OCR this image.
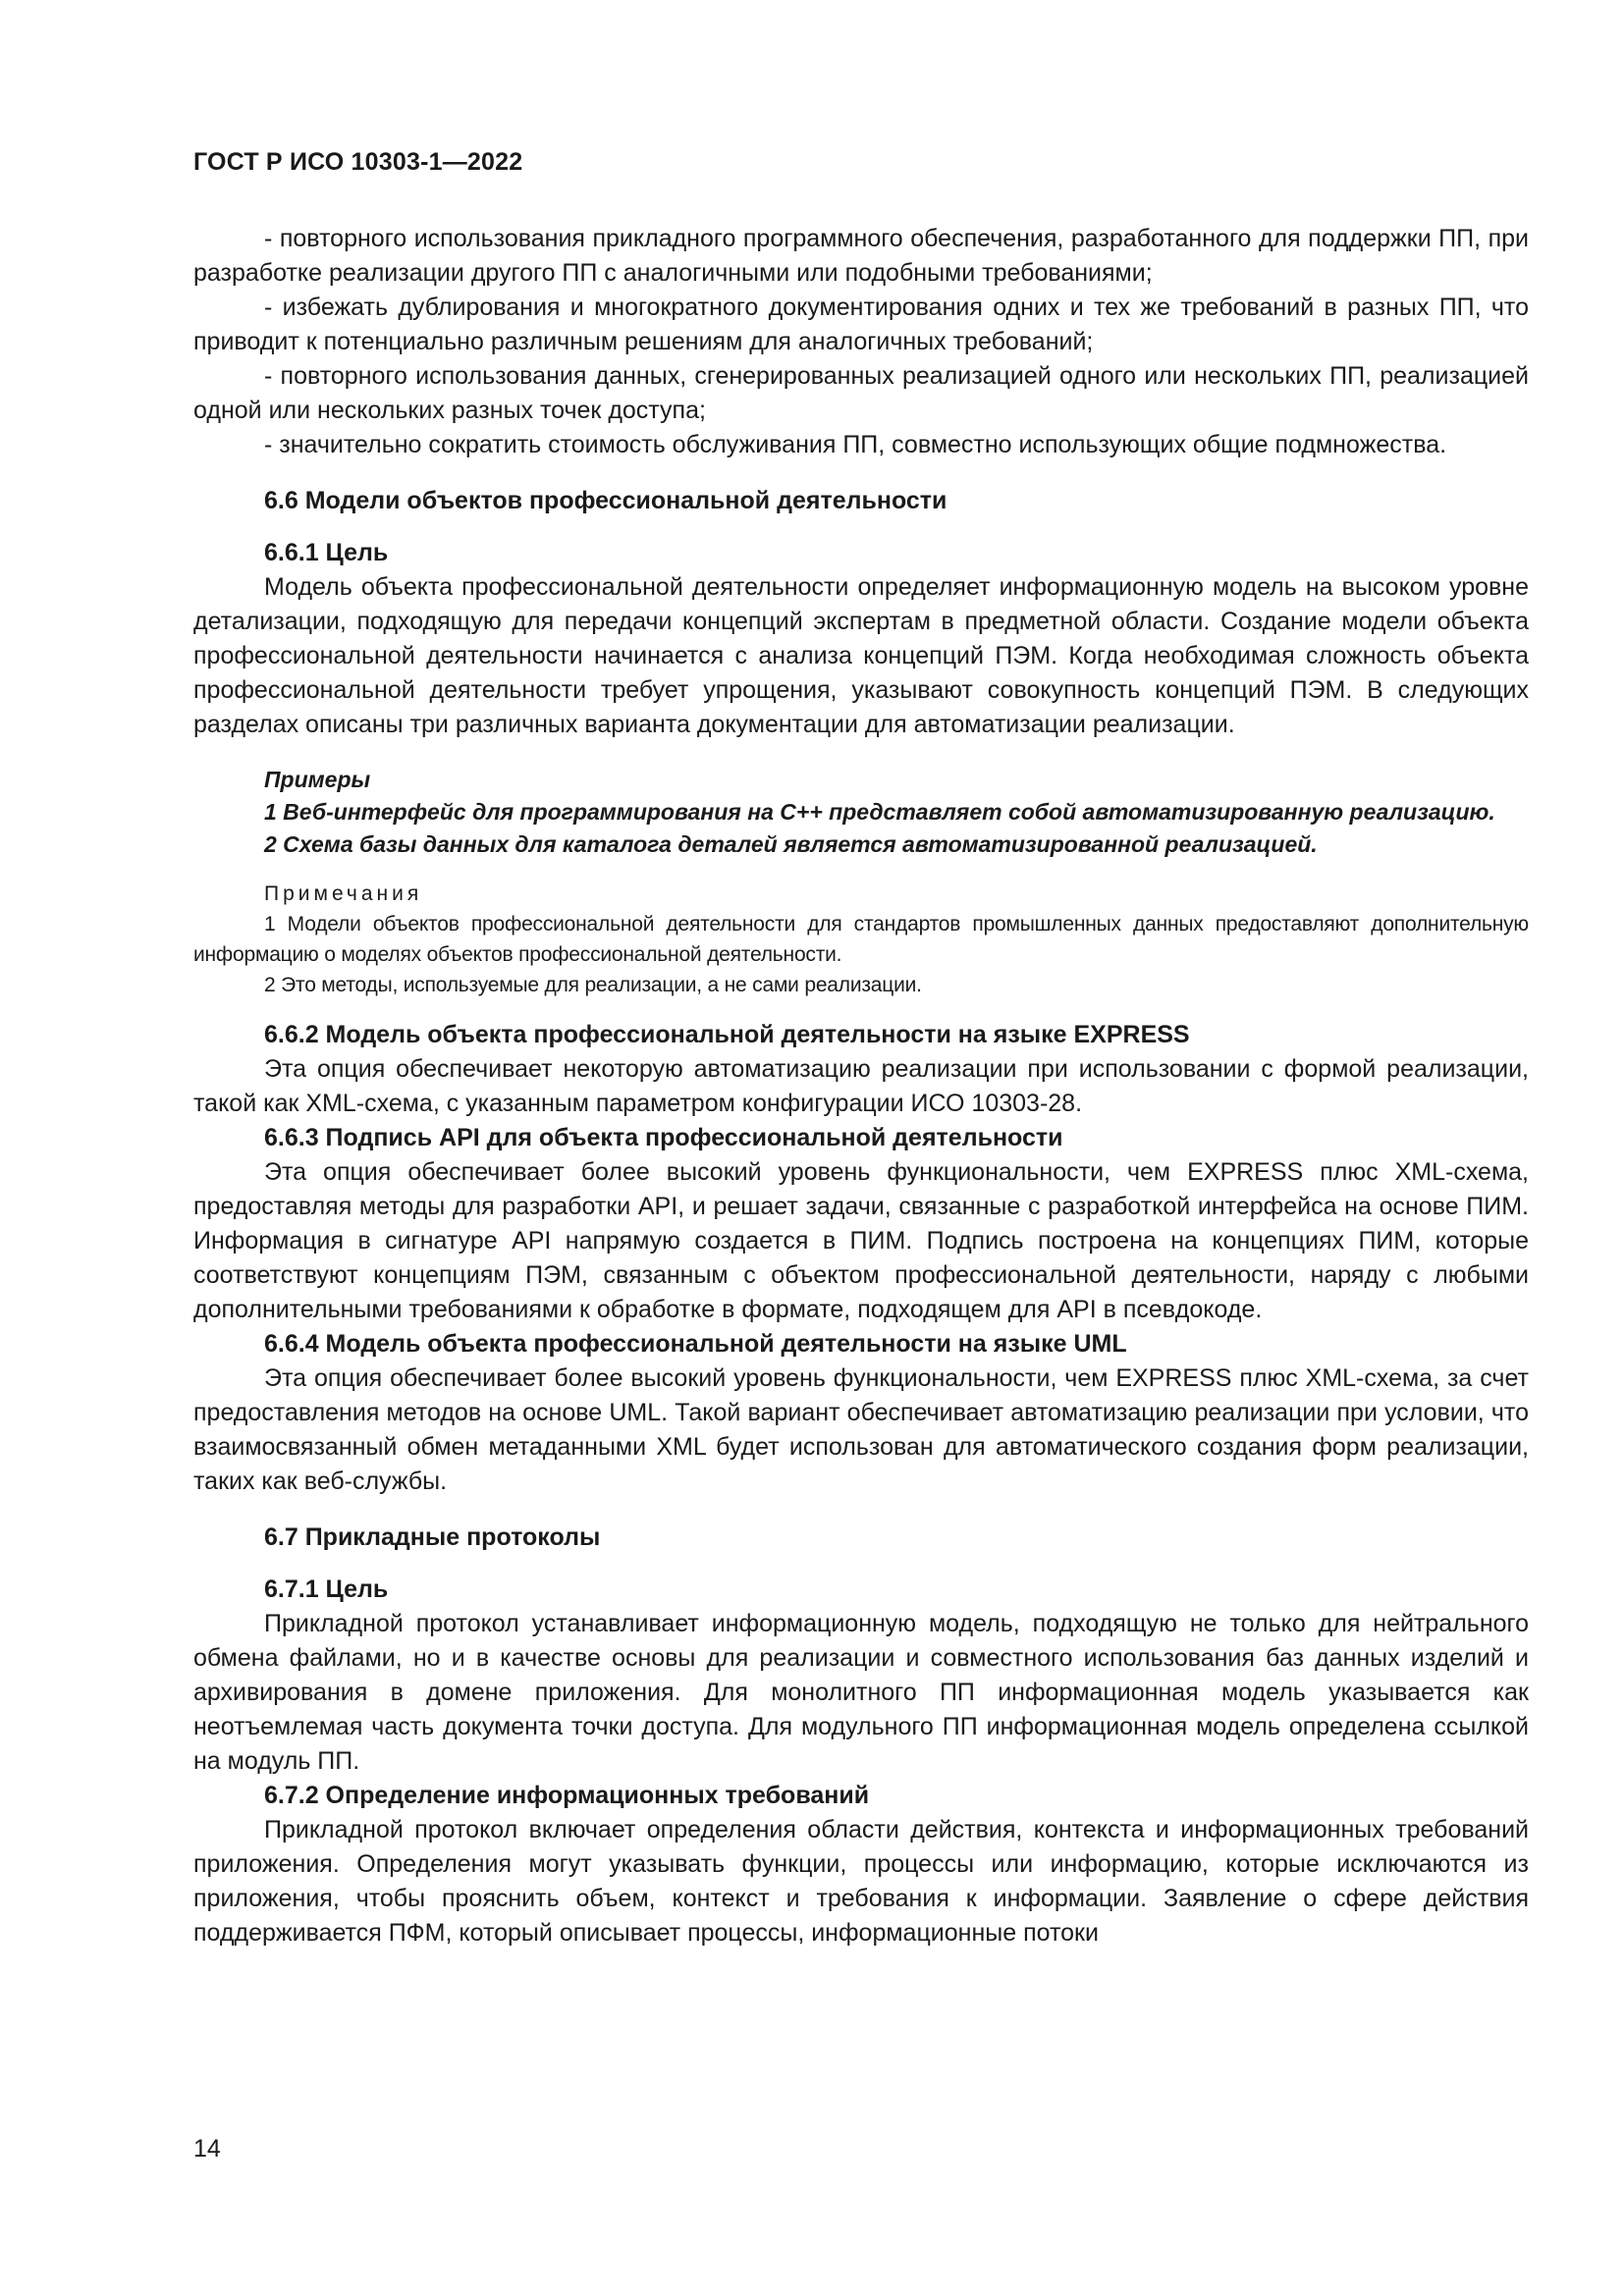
ГОСТ Р ИСО 10303-1—2022

- повторного использования прикладного программного обеспечения, разработанного для поддержки ПП, при разработке реализации другого ПП с аналогичными или подобными требованиями;

- избежать дублирования и многократного документирования одних и тех же требований в разных ПП, что приводит к потенциально различным решениям для аналогичных требований;

- повторного использования данных, сгенерированных реализацией одного или нескольких ПП, реализацией одной или нескольких разных точек доступа;

- значительно сократить стоимость обслуживания ПП, совместно использующих общие подмножества.

6.6 Модели объектов профессиональной деятельности

6.6.1 Цель

Модель объекта профессиональной деятельности определяет информационную модель на высоком уровне детализации, подходящую для передачи концепций экспертам в предметной области. Создание модели объекта профессиональной деятельности начинается с анализа концепций ПЭМ. Когда необходимая сложность объекта профессиональной деятельности требует упрощения, указывают совокупность концепций ПЭМ. В следующих разделах описаны три различных варианта документации для автоматизации реализации.

Примеры

1 Веб-интерфейс для программирования на С++ представляет собой автоматизированную реализацию.

2 Схема базы данных для каталога деталей является автоматизированной реализацией.

Примечания

1 Модели объектов профессиональной деятельности для стандартов промышленных данных предоставляют дополнительную информацию о моделях объектов профессиональной деятельности.

2 Это методы, используемые для реализации, а не сами реализации.

6.6.2 Модель объекта профессиональной деятельности на языке EXPRESS

Эта опция обеспечивает некоторую автоматизацию реализации при использовании с формой реализации, такой как XML-схема, с указанным параметром конфигурации ИСО 10303-28.

6.6.3 Подпись API для объекта профессиональной деятельности

Эта опция обеспечивает более высокий уровень функциональности, чем EXPRESS плюс XML-схема, предоставляя методы для разработки API, и решает задачи, связанные с разработкой интерфейса на основе ПИМ. Информация в сигнатуре API напрямую создается в ПИМ. Подпись построена на концепциях ПИМ, которые соответствуют концепциям ПЭМ, связанным с объектом профессиональной деятельности, наряду с любыми дополнительными требованиями к обработке в формате, подходящем для API в псевдокоде.

6.6.4 Модель объекта профессиональной деятельности на языке UML

Эта опция обеспечивает более высокий уровень функциональности, чем EXPRESS плюс XML-схема, за счет предоставления методов на основе UML. Такой вариант обеспечивает автоматизацию реализации при условии, что взаимосвязанный обмен метаданными XML будет использован для автоматического создания форм реализации, таких как веб-службы.

6.7 Прикладные протоколы

6.7.1 Цель

Прикладной протокол устанавливает информационную модель, подходящую не только для нейтрального обмена файлами, но и в качестве основы для реализации и совместного использования баз данных изделий и архивирования в домене приложения. Для монолитного ПП информационная модель указывается как неотъемлемая часть документа точки доступа. Для модульного ПП информационная модель определена ссылкой на модуль ПП.

6.7.2 Определение информационных требований

Прикладной протокол включает определения области действия, контекста и информационных требований приложения. Определения могут указывать функции, процессы или информацию, которые исключаются из приложения, чтобы прояснить объем, контекст и требования к информации. Заявление о сфере действия поддерживается ПФМ, который описывает процессы, информационные потоки

14
